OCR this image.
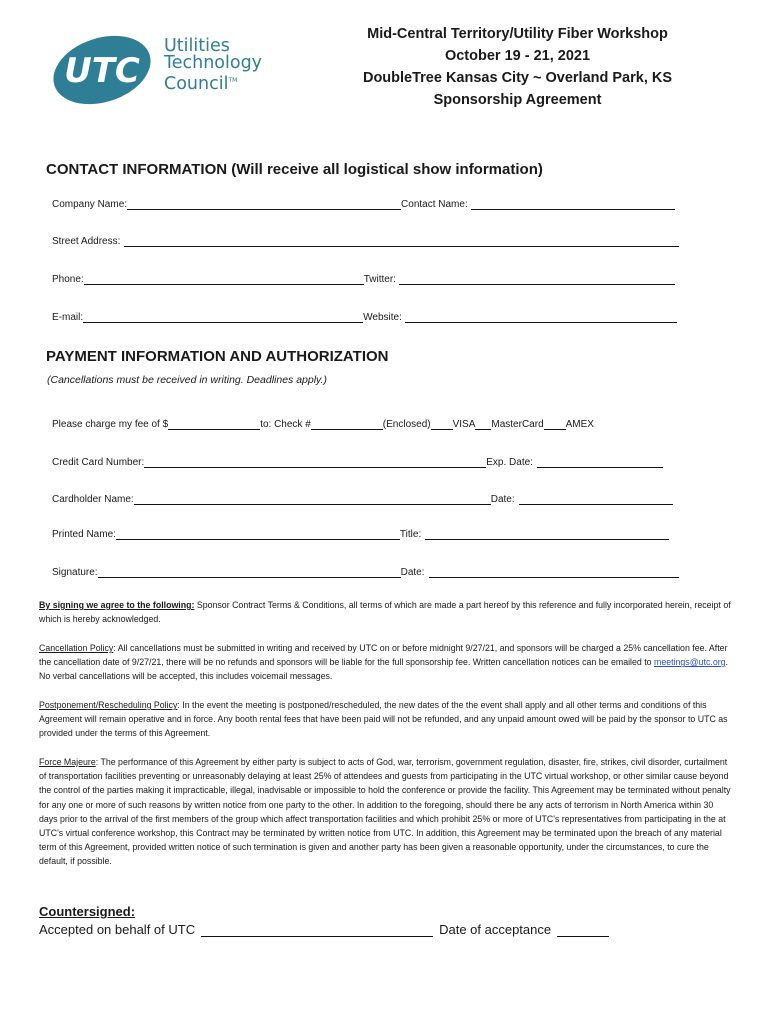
UTC
Utilities
Technology
Council™
Mid-Central Territory/Utility Fiber Workshop
October 19 - 21, 2021
DoubleTree Kansas City ~ Overland Park, KS
Sponsorship Agreement
CONTACT INFORMATION (Will receive all logistical show information)
Company Name:	Contact Name:
Street Address:
Phone:	Twitter:
E-mail:	Website:
PAYMENT INFORMATION AND AUTHORIZATION
(Cancellations must be received in writing. Deadlines apply.)
Please charge my fee of $	to: Check #	(Enclosed) VISA MasterCard AMEX
Credit Card Number:	Exp. Date:
Cardholder Name:	Date:
Printed Name:	Title:
Signature:	Date:
By signing we agree to the following: Sponsor Contract Terms & Conditions, all terms of which are made a part hereof by this reference and fully incorporated herein, receipt of which is hereby acknowledged.
Cancellation Policy: All cancellations must be submitted in writing and received by UTC on or before midnight 9/27/21, and sponsors will be charged a 25% cancellation fee. After the cancellation date of 9/27/21, there will be no refunds and sponsors will be liable for the full sponsorship fee. Written cancellation notices can be emailed to meetings@utc.org. No verbal cancellations will be accepted, this includes voicemail messages.
Postponement/Rescheduling Policy: In the event the meeting is postponed/rescheduled, the new dates of the the event shall apply and all other terms and conditions of this Agreement will remain operative and in force. Any booth rental fees that have been paid will not be refunded, and any unpaid amount owed will be paid by the sponsor to UTC as provided under the terms of this Agreement.
Force Majeure: The performance of this Agreement by either party is subject to acts of God, war, terrorism, government regulation, disaster, fire, strikes, civil disorder, curtailment of transportation facilities preventing or unreasonably delaying at least 25% of attendees and guests from participating in the UTC virtual workshop, or other similar cause beyond the control of the parties making it impracticable, illegal, inadvisable or impossible to hold the conference or provide the facility. This Agreement may be terminated without penalty for any one or more of such reasons by written notice from one party to the other. In addition to the foregoing, should there be any acts of terrorism in North America within 30 days prior to the arrival of the first members of the group which affect transportation facilities and which prohibit 25% or more of UTC's representatives from participating in the at UTC's virtual conference workshop, this Contract may be terminated by written notice from UTC. In addition, this Agreement may be terminated upon the breach of any material term of this Agreement, provided written notice of such termination is given and another party has been given a reasonable opportunity, under the circumstances, to cure the default, if possible.
Countersigned:
Accepted on behalf of UTC	Date of acceptance
